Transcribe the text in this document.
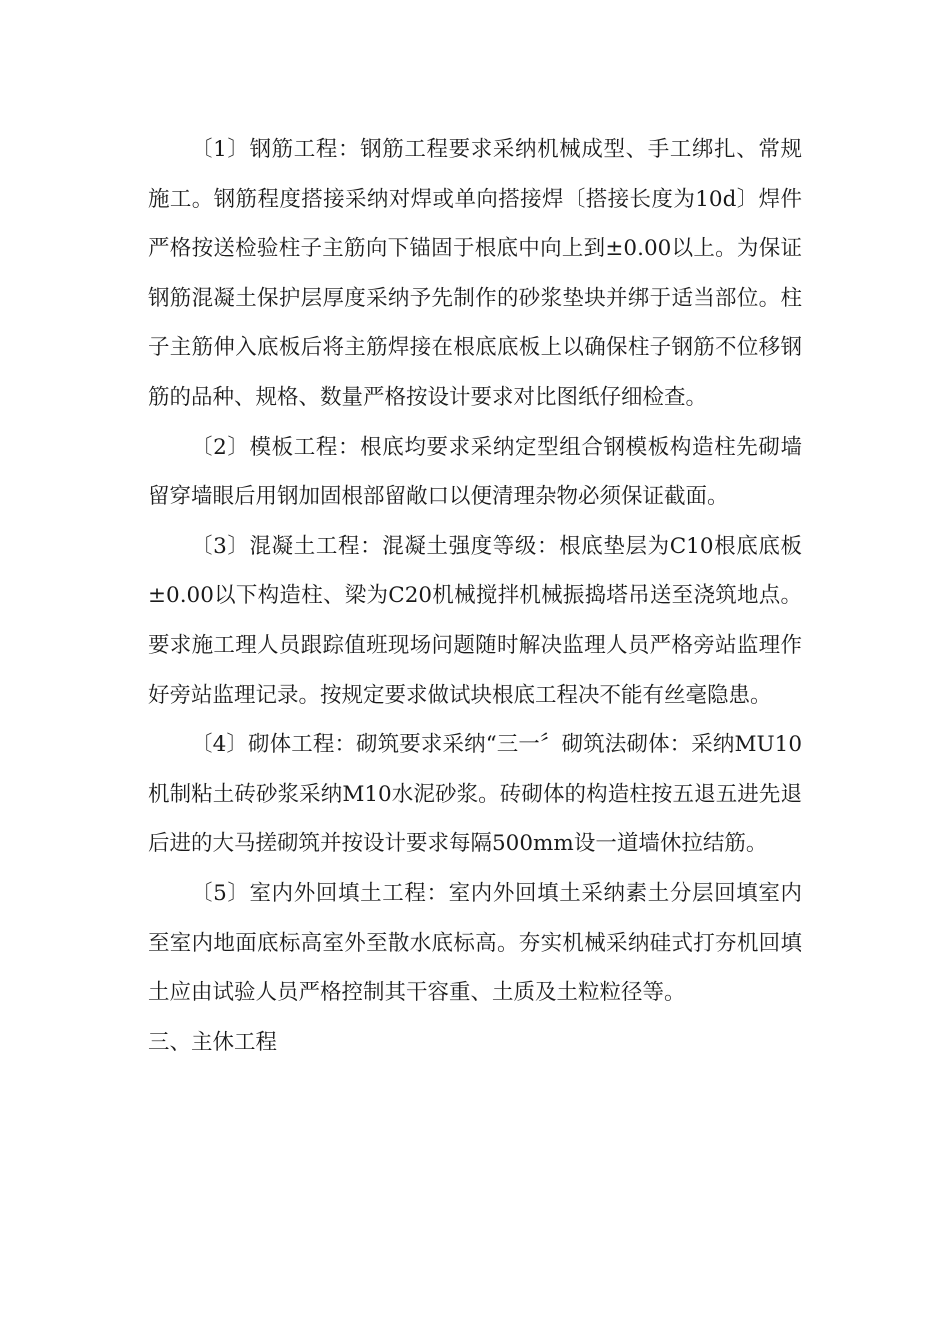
〔1〕钢筋工程：钢筋工程要求采纳机械成型、手工绑扎、常规施工。钢筋程度搭接采纳对焊或单向搭接焊〔搭接长度为10d〕焊件严格按送检验柱子主筋向下锚固于根底中向上到±0.00以上。为保证钢筋混凝土保护层厚度采纳予先制作的砂浆垫块并绑于适当部位。柱子主筋伸入底板后将主筋焊接在根底底板上以确保柱子钢筋不位移钢筋的品种、规格、数量严格按设计要求对比图纸仔细检查。

〔2〕模板工程：根底均要求采纳定型组合钢模板构造柱先砌墙留穿墙眼后用钢加固根部留敞口以便清理杂物必须保证截面。

〔3〕混凝土工程：混凝土强度等级：根底垫层为C10根底底板±0.00以下构造柱、梁为C20机械搅拌机械振捣塔吊送至浇筑地点。要求施工理人员跟踪值班现场问题随时解决监理人员严格旁站监理作好旁站监理记录。按规定要求做试块根底工程决不能有丝毫隐患。

〔4〕砌体工程：砌筑要求采纳“三一〞砌筑法砌体：采纳MU10机制粘土砖砂浆采纳M10水泥砂浆。砖砌体的构造柱按五退五进先退后进的大马搓砌筑并按设计要求每隔500mm设一道墙休拉结筋。

〔5〕室内外回填土工程：室内外回填土采纳素土分层回填室内至室内地面底标高室外至散水底标高。夯实机械采纳硅式打夯机回填土应由试验人员严格控制其干容重、土质及土粒粒径等。

三、主休工程
